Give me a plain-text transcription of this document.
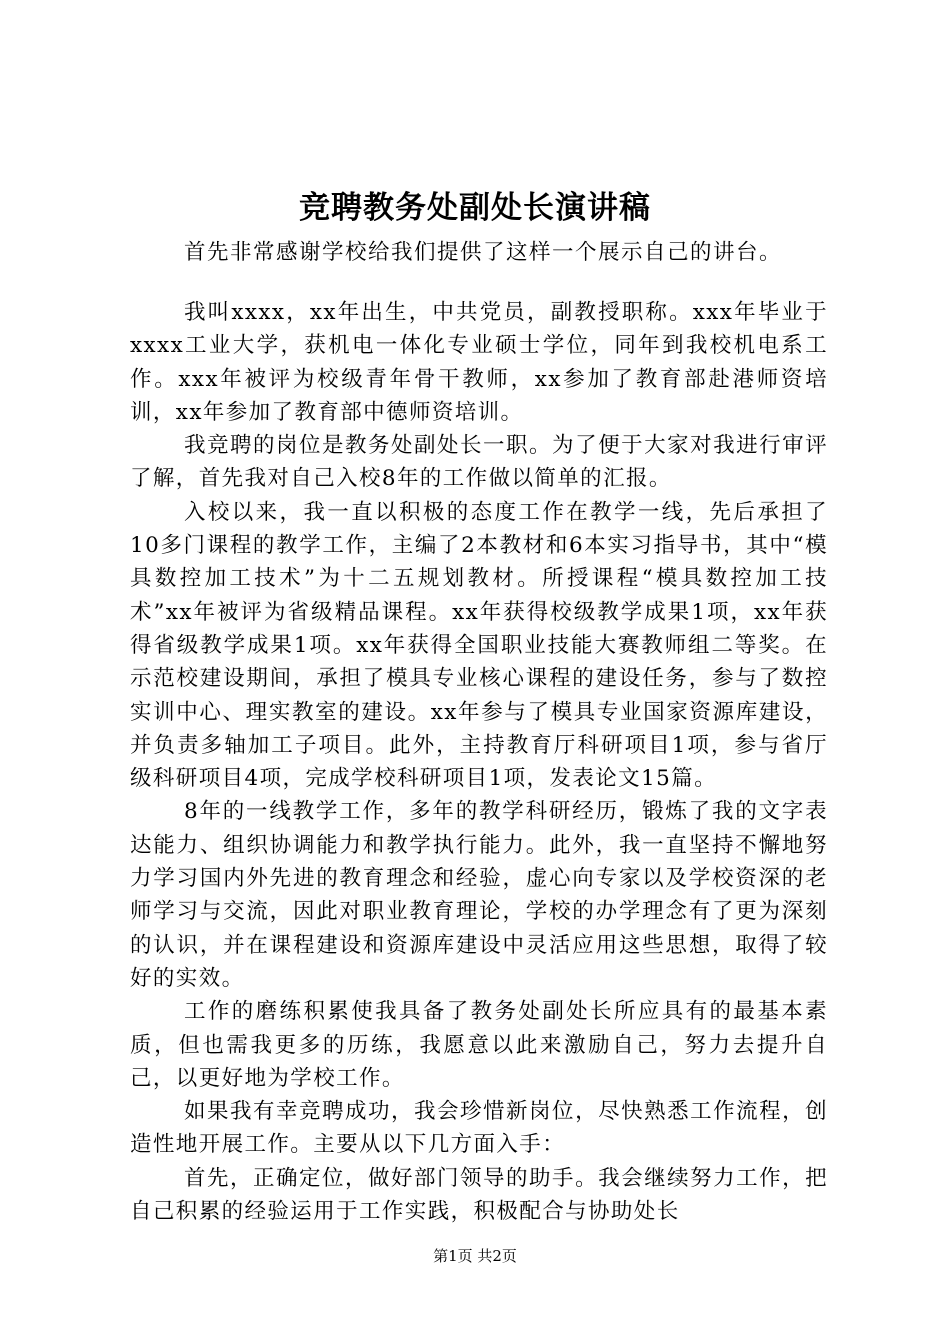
竞聘教务处副处长演讲稿

首先非常感谢学校给我们提供了这样一个展示自己的讲台。

我叫xxxx，xx年出生，中共党员，副教授职称。xxx年毕业于xxxx工业大学，获机电一体化专业硕士学位，同年到我校机电系工作。xxx年被评为校级青年骨干教师，xx参加了教育部赴港师资培训，xx年参加了教育部中德师资培训。

我竞聘的岗位是教务处副处长一职。为了便于大家对我进行审评了解，首先我对自己入校8年的工作做以简单的汇报。

入校以来，我一直以积极的态度工作在教学一线，先后承担了10多门课程的教学工作，主编了2本教材和6本实习指导书，其中“模具数控加工技术”为十二五规划教材。所授课程“模具数控加工技术”xx年被评为省级精品课程。xx年获得校级教学成果1项，xx年获得省级教学成果1项。xx年获得全国职业技能大赛教师组二等奖。在示范校建设期间，承担了模具专业核心课程的建设任务，参与了数控实训中心、理实教室的建设。xx年参与了模具专业国家资源库建设，并负责多轴加工子项目。此外，主持教育厅科研项目1项，参与省厅级科研项目4项，完成学校科研项目1项，发表论文15篇。

8年的一线教学工作，多年的教学科研经历，锻炼了我的文字表达能力、组织协调能力和教学执行能力。此外，我一直坚持不懈地努力学习国内外先进的教育理念和经验，虚心向专家以及学校资深的老师学习与交流，因此对职业教育理论，学校的办学理念有了更为深刻的认识，并在课程建设和资源库建设中灵活应用这些思想，取得了较好的实效。

工作的磨练积累使我具备了教务处副处长所应具有的最基本素质，但也需我更多的历练，我愿意以此来激励自己，努力去提升自己，以更好地为学校工作。

如果我有幸竞聘成功，我会珍惜新岗位，尽快熟悉工作流程，创造性地开展工作。主要从以下几方面入手：

首先，正确定位，做好部门领导的助手。我会继续努力工作，把自己积累的经验运用于工作实践，积极配合与协助处长

第1页 共2页
